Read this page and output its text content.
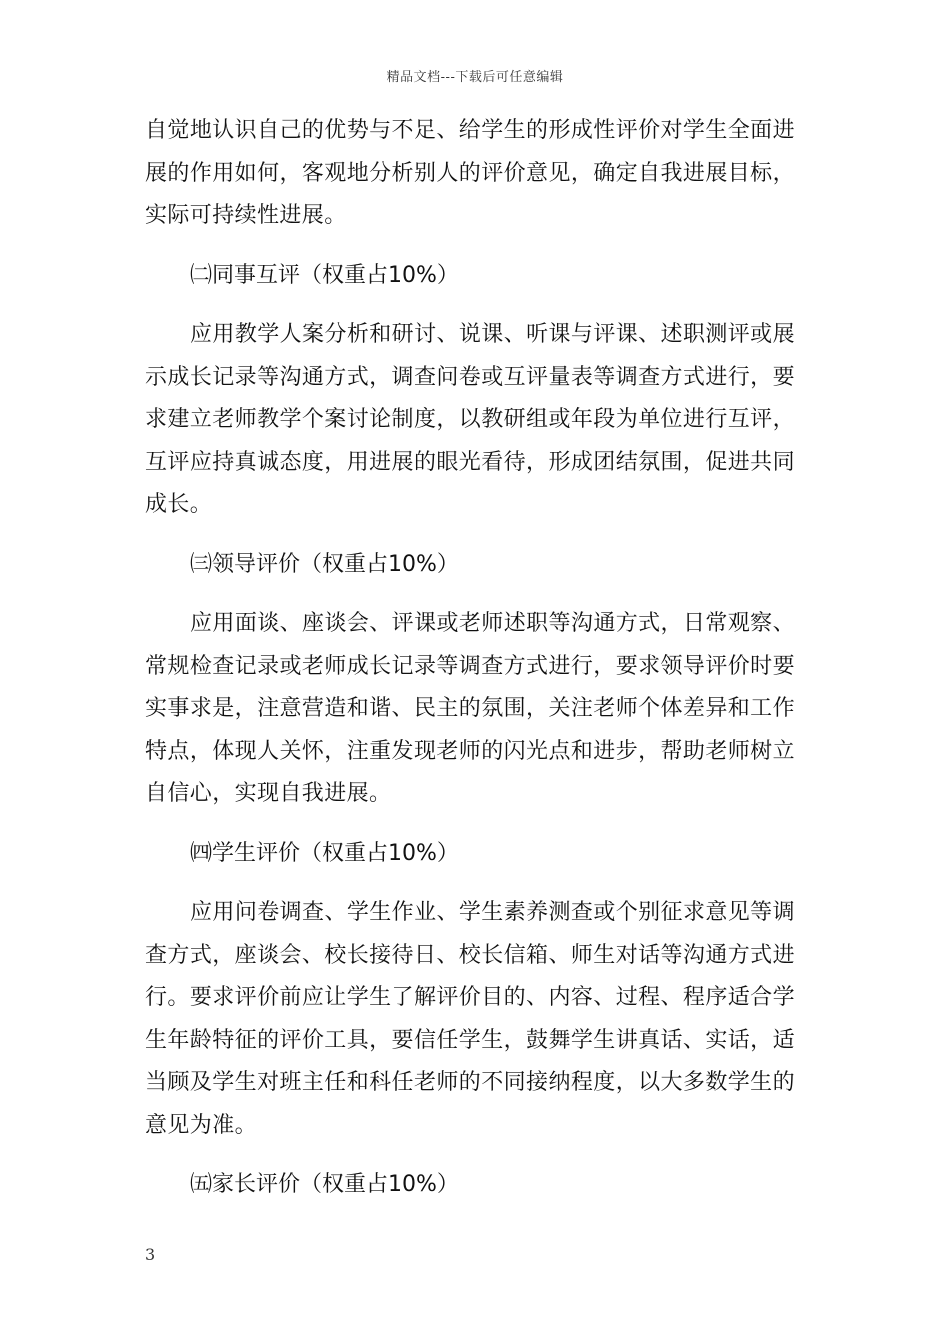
精品文档---下载后可任意编辑

自觉地认识自己的优势与不足、给学生的形成性评价对学生全面进展的作用如何，客观地分析别人的评价意见，确定自我进展目标，实际可持续性进展。

㈡同事互评（权重占10%）

应用教学人案分析和研讨、说课、听课与评课、述职测评或展示成长记录等沟通方式，调查问卷或互评量表等调查方式进行，要求建立老师教学个案讨论制度，以教研组或年段为单位进行互评，互评应持真诚态度，用进展的眼光看待，形成团结氛围，促进共同成长。

㈢领导评价（权重占10%）

应用面谈、座谈会、评课或老师述职等沟通方式，日常观察、常规检查记录或老师成长记录等调查方式进行，要求领导评价时要实事求是，注意营造和谐、民主的氛围，关注老师个体差异和工作特点，体现人关怀，注重发现老师的闪光点和进步，帮助老师树立自信心，实现自我进展。

㈣学生评价（权重占10%）

应用问卷调查、学生作业、学生素养测查或个别征求意见等调查方式，座谈会、校长接待日、校长信箱、师生对话等沟通方式进行。要求评价前应让学生了解评价目的、内容、过程、程序适合学生年龄特征的评价工具，要信任学生，鼓舞学生讲真话、实话，适当顾及学生对班主任和科任老师的不同接纳程度，以大多数学生的意见为准。

㈤家长评价（权重占10%）

3
